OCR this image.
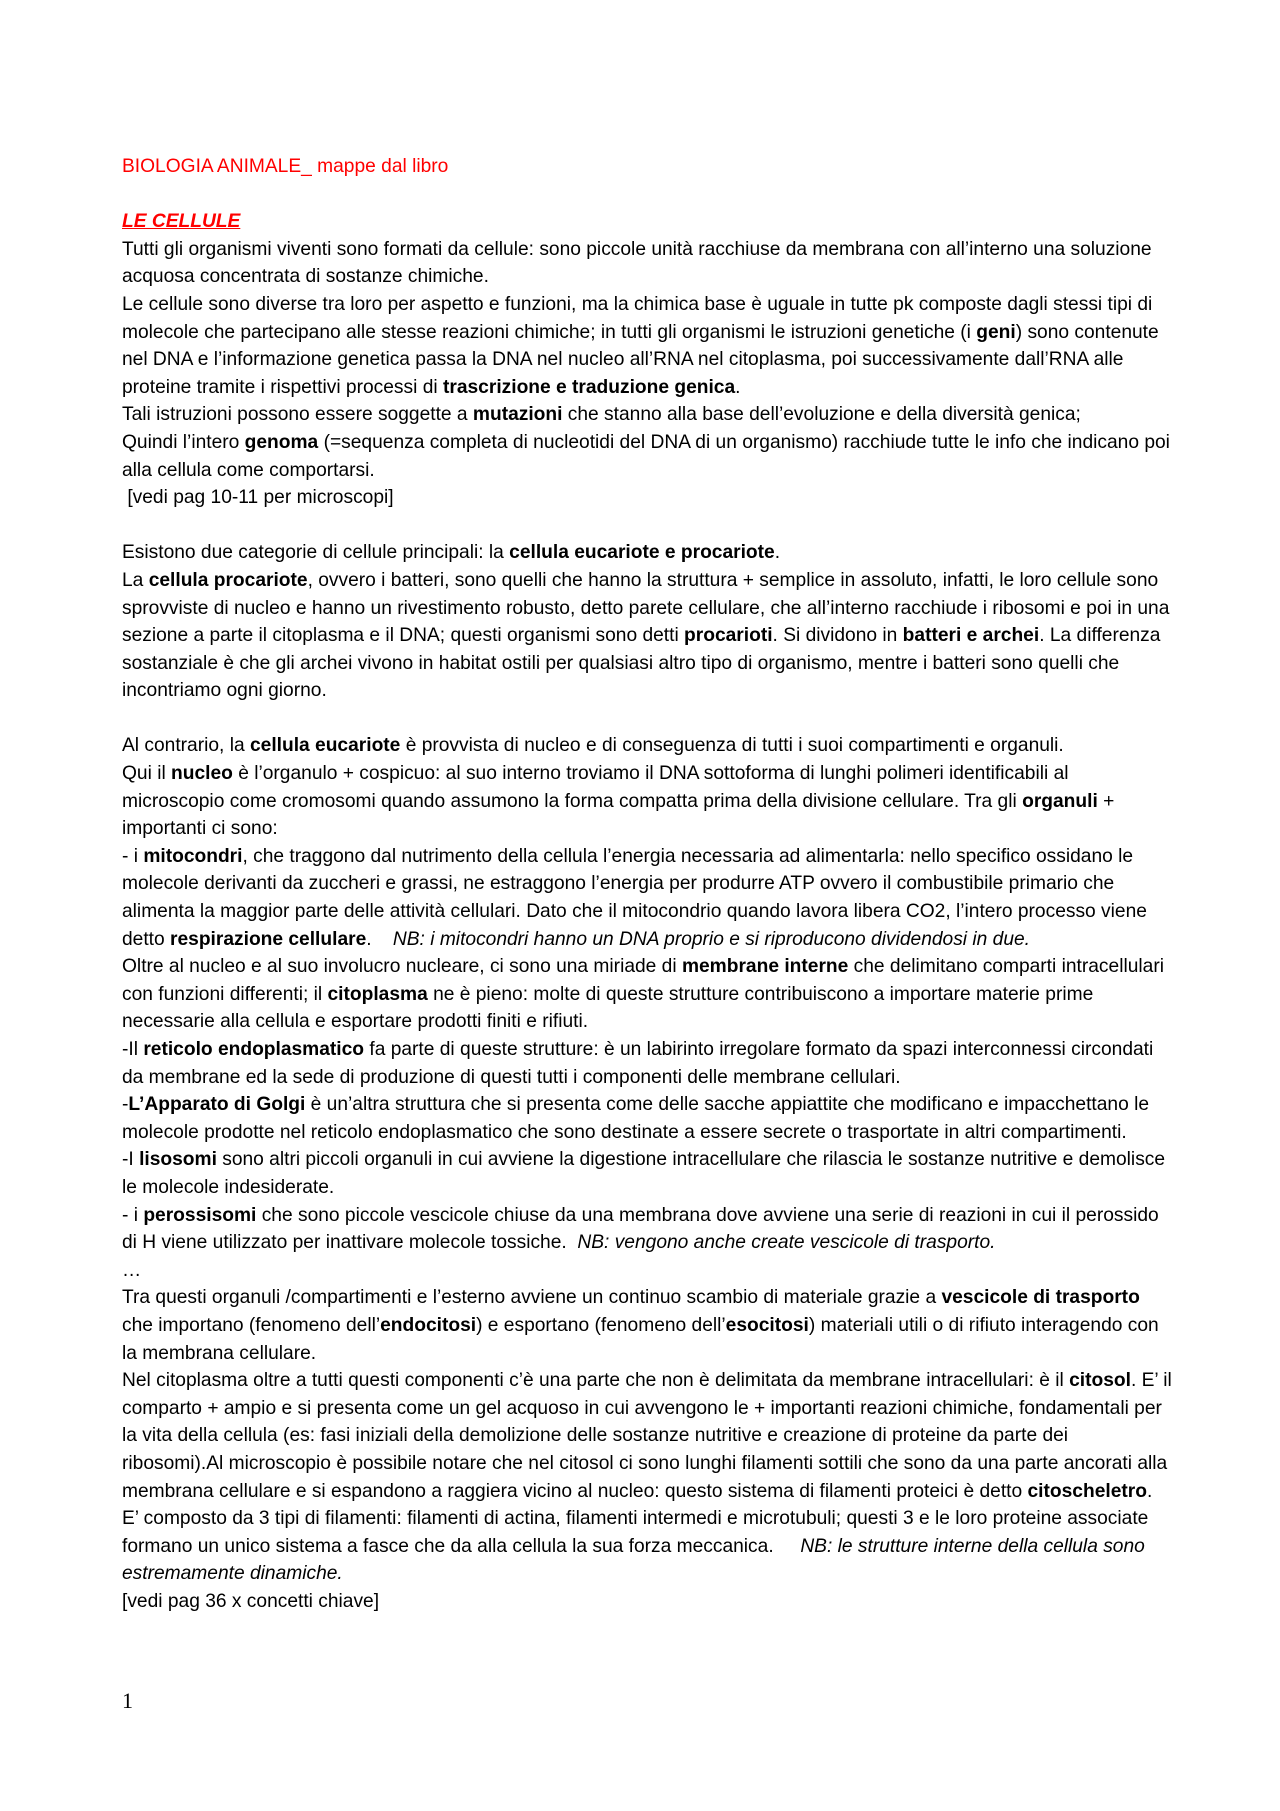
BIOLOGIA ANIMALE_ mappe dal libro

LE CELLULE

Tutti gli organismi viventi sono formati da cellule: sono piccole unità racchiuse da membrana con all’interno una soluzione acquosa concentrata di sostanze chimiche.

Le cellule sono diverse tra loro per aspetto e funzioni, ma la chimica base è uguale in tutte pk composte dagli stessi tipi di molecole che partecipano alle stesse reazioni chimiche; in tutti gli organismi le istruzioni genetiche (i geni) sono contenute nel DNA e l’informazione genetica passa la DNA nel nucleo all’RNA nel citoplasma, poi successivamente dall’RNA alle proteine tramite i rispettivi processi di trascrizione e traduzione genica.

Tali istruzioni possono essere soggette a mutazioni che stanno alla base dell’evoluzione e della diversità genica;

Quindi l’intero genoma (=sequenza completa di nucleotidi del DNA di un organismo) racchiude tutte le info che indicano poi alla cellula come comportarsi.

[vedi pag 10-11 per microscopi]

Esistono due categorie di cellule principali: la cellula eucariote e procariote.

La cellula procariote, ovvero i batteri, sono quelli che hanno la struttura + semplice in assoluto, infatti, le loro cellule sono sprovviste di nucleo e hanno un rivestimento robusto, detto parete cellulare, che all’interno racchiude i ribosomi e poi in una sezione a parte il citoplasma e il DNA; questi organismi sono detti procarioti. Si dividono in batteri e archei. La differenza sostanziale è che gli archei vivono in habitat ostili per qualsiasi altro tipo di organismo, mentre i batteri sono quelli che incontriamo ogni giorno.

Al contrario, la cellula eucariote è provvista di nucleo e di conseguenza di tutti i suoi compartimenti e organuli.

Qui il nucleo è l’organulo + cospicuo: al suo interno troviamo il DNA sottoforma di lunghi polimeri identificabili al microscopio come cromosomi quando assumono la forma compatta prima della divisione cellulare. Tra gli organuli + importanti ci sono:

- i mitocondri, che traggono dal nutrimento della cellula l’energia necessaria ad alimentarla: nello specifico ossidano le molecole derivanti da zuccheri e grassi, ne estraggono l’energia per produrre ATP ovvero il combustibile primario che alimenta la maggior parte delle attività cellulari. Dato che il mitocondrio quando lavora libera CO2, l’intero processo viene detto respirazione cellulare.    NB: i mitocondri hanno un DNA proprio e si riproducono dividendosi in due.

Oltre al nucleo e al suo involucro nucleare, ci sono una miriade di membrane interne che delimitano comparti intracellulari con funzioni differenti; il citoplasma ne è pieno: molte di queste strutture contribuiscono a importare materie prime necessarie alla cellula e esportare prodotti finiti e rifiuti.

-Il reticolo endoplasmatico fa parte di queste strutture: è un labirinto irregolare formato da spazi interconnessi circondati da membrane ed la sede di produzione di questi tutti i componenti delle membrane cellulari.

-L’Apparato di Golgi è un’altra struttura che si presenta come delle sacche appiattite che modificano e impacchettano le molecole prodotte nel reticolo endoplasmatico che sono destinate a essere secrete o trasportate in altri compartimenti.

-I lisosomi sono altri piccoli organuli in cui avviene la digestione intracellulare che rilascia le sostanze nutritive e demolisce le molecole indesiderate.

- i perossisomi che sono piccole vescicole chiuse da una membrana dove avviene una serie di reazioni in cui il perossido di H viene utilizzato per inattivare molecole tossiche.  NB: vengono anche create vescicole di trasporto.

…

Tra questi organuli /compartimenti e l’esterno avviene un continuo scambio di materiale grazie a vescicole di trasporto che importano (fenomeno dell’endocitosi) e esportano (fenomeno dell’esocitosi) materiali utili o di rifiuto interagendo con la membrana cellulare.

Nel citoplasma oltre a tutti questi componenti c’è una parte che non è delimitata da membrane intracellulari: è il citosol. E’ il comparto + ampio e si presenta come un gel acquoso in cui avvengono le + importanti reazioni chimiche, fondamentali per la vita della cellula (es: fasi iniziali della demolizione delle sostanze nutritive e creazione di proteine da parte dei ribosomi).Al microscopio è possibile notare che nel citosol ci sono lunghi filamenti sottili che sono da una parte ancorati alla membrana cellulare e si espandono a raggiera vicino al nucleo: questo sistema di filamenti proteici è detto citoscheletro. E’ composto da 3 tipi di filamenti: filamenti di actina, filamenti intermedi e microtubuli; questi 3 e le loro proteine associate formano un unico sistema a fasce che da alla cellula la sua forza meccanica.     NB: le strutture interne della cellula sono estremamente dinamiche.

[vedi pag 36 x concetti chiave]

1
